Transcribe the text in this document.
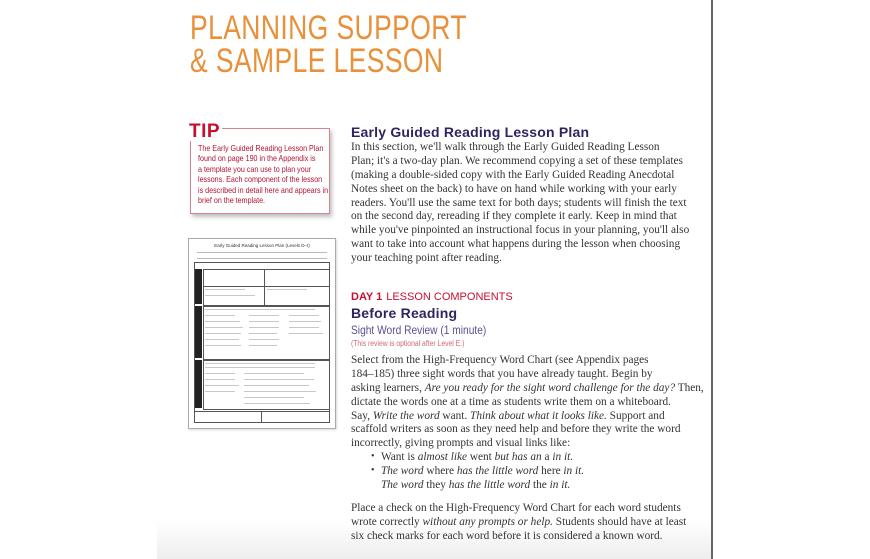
PLANNING SUPPORT
& SAMPLE LESSON
TIP
The Early Guided Reading Lesson Plan
found on page 190 in the Appendix is
a template you can use to plan your
lessons. Each component of the lesson
is described in detail here and appears in
brief on the template.
Early Guided Reading Lesson Plan (Levels D–I)
Early Guided Reading Lesson Plan
In this section, we'll walk through the Early Guided Reading Lesson
Plan; it's a two-day plan. We recommend copying a set of these templates
(making a double-sided copy with the Early Guided Reading Anecdotal
Notes sheet on the back) to have on hand while working with your early
readers. You'll use the same text for both days; students will finish the text
on the second day, rereading if they complete it early. Keep in mind that
while you've pinpointed an instructional focus in your planning, you'll also
want to take into account what happens during the lesson when choosing
your teaching point after reading.
DAY 1 LESSON COMPONENTS
Before Reading
Sight Word Review (1 minute)
(This review is optional after Level E.)
Select from the High-Frequency Word Chart (see Appendix pages
184–185) three sight words that you have already taught. Begin by
asking learners, Are you ready for the sight word challenge for the day? Then,
dictate the words one at a time as students write them on a whiteboard.
Say, Write the word want. Think about what it looks like. Support and
scaffold writers as soon as they need help and before they write the word
incorrectly, giving prompts and visual links like:
Want is almost like went but has an a in it.
The word where has the little word here in it.
The word they has the little word the in it.
Place a check on the High-Frequency Word Chart for each word students
wrote correctly without any prompts or help. Students should have at least
six check marks for each word before it is considered a known word.
•
•
